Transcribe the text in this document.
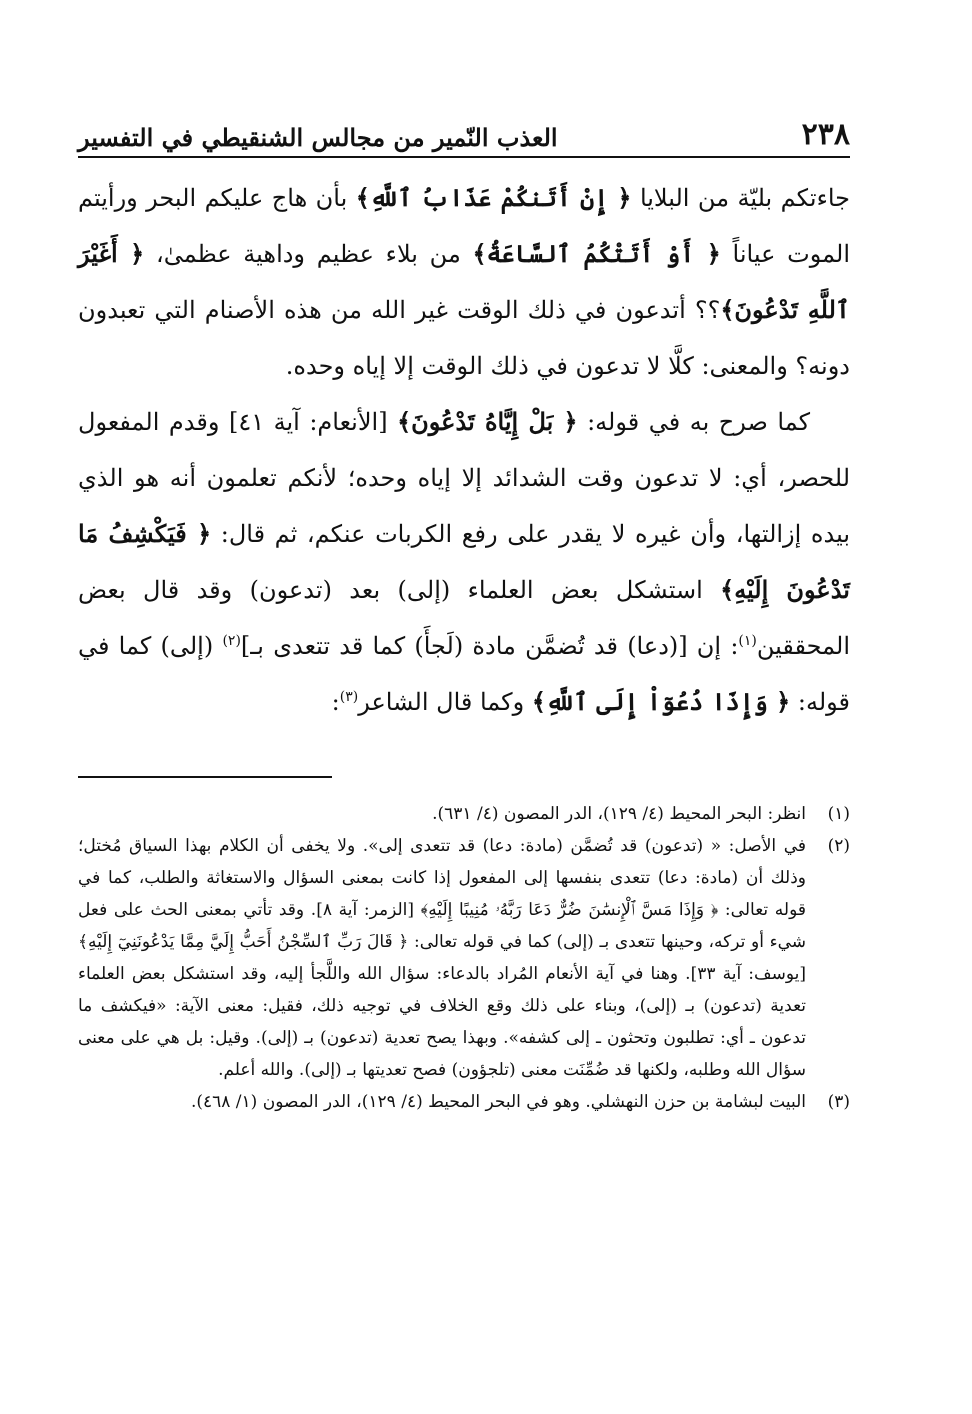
٢٣٨
العذب النّمير من مجالس الشنقيطي في التفسير

جاءتكم بليّة من البلايا ﴿ إِنْ أَتَنكُمْ عَذَابُ ٱللَّهِ﴾ بأن هاج عليكم البحر ورأيتم الموت عياناً ﴿ أَوْ أَتَتْكُمُ ٱلسَّاعَةُ﴾ من بلاء عظيم وداهية عظمىٰ، ﴿ أَغَيْرَ ٱللَّهِ تَدْعُونَ﴾؟؟ أتدعون في ذلك الوقت غير الله من هذه الأصنام التي تعبدون دونه؟ والمعنى: كلَّا لا تدعون في ذلك الوقت إلا إياه وحده.

كما صرح به في قوله: ﴿ بَلْ إِيَّاهُ تَدْعُونَ﴾ [الأنعام: آية ٤١] وقدم المفعول للحصر، أي: لا تدعون وقت الشدائد إلا إياه وحده؛ لأنكم تعلمون أنه هو الذي بيده إزالتها، وأن غيره لا يقدر على رفع الكربات عنكم، ثم قال: ﴿ فَيَكْشِفُ مَا تَدْعُونَ إِلَيْهِ﴾ استشكل بعض العلماء (إلى) بعد (تدعون) وقد قال بعض المحققين$^{(١)}$: إن [(دعا) قد تُضمَّن مادة (لَجأَ) كما قد تتعدى بـ]$^{(٢)}$ (إلى) كما في قوله: ﴿ وَإِذَا دُعُوٓاْ إِلَى ٱللَّهِ﴾ وكما قال الشاعر$^{(٣)}$:

(١)
انظر: البحر المحيط (٤/ ١٢٩)، الدر المصون (٤/ ٦٣١).
(٢)
في الأصل: « (تدعون) قد تُضمَّن (مادة: دعا) قد تتعدى إلى». ولا يخفى أن الكلام بهذا السياق مُختل؛ وذلك أن (مادة: دعا) تتعدى بنفسها إلى المفعول إذا كانت بمعنى السؤال والاستغاثة والطلب، كما في قوله تعالى: ﴿ وَإِذَا مَسَّ ٱلْإِنسَٰنَ ضُرٌّ دَعَا رَبَّهُۥ مُنِيبًا إِلَيْهِ﴾ [الزمر: آية ٨]. وقد تأتي بمعنى الحث على فعل شيء أو تركه، وحينها تتعدى بـ (إلى) كما في قوله تعالى: ﴿ قَالَ رَبِّ ٱلسِّجْنُ أَحَبُّ إِلَيَّ مِمَّا يَدْعُونَنِيٓ إِلَيْهِ﴾ [يوسف: آية ٣٣]. وهنا في آية الأنعام المُراد بالدعاء: سؤال الله واللَّجأ إليه، وقد استشكل بعض العلماء تعدية (تدعون) بـ (إلى)، وبناء على ذلك وقع الخلاف في توجيه ذلك، فقيل: معنى الآية: «فيكشف ما تدعون ـ أي: تطلبون وتحثون ـ إلى كشفه». وبهذا يصح تعدية (تدعون) بـ (إلى). وقيل: بل هي على معنى سؤال الله وطلبه، ولكنها قد ضُمِّنَت معنى (تلجؤون) فصح تعديتها بـ (إلى). والله أعلم.
(٣)
البيت لبشامة بن حزن النهشلي. وهو في البحر المحيط (٤/ ١٢٩)، الدر المصون (١/ ٤٦٨).
